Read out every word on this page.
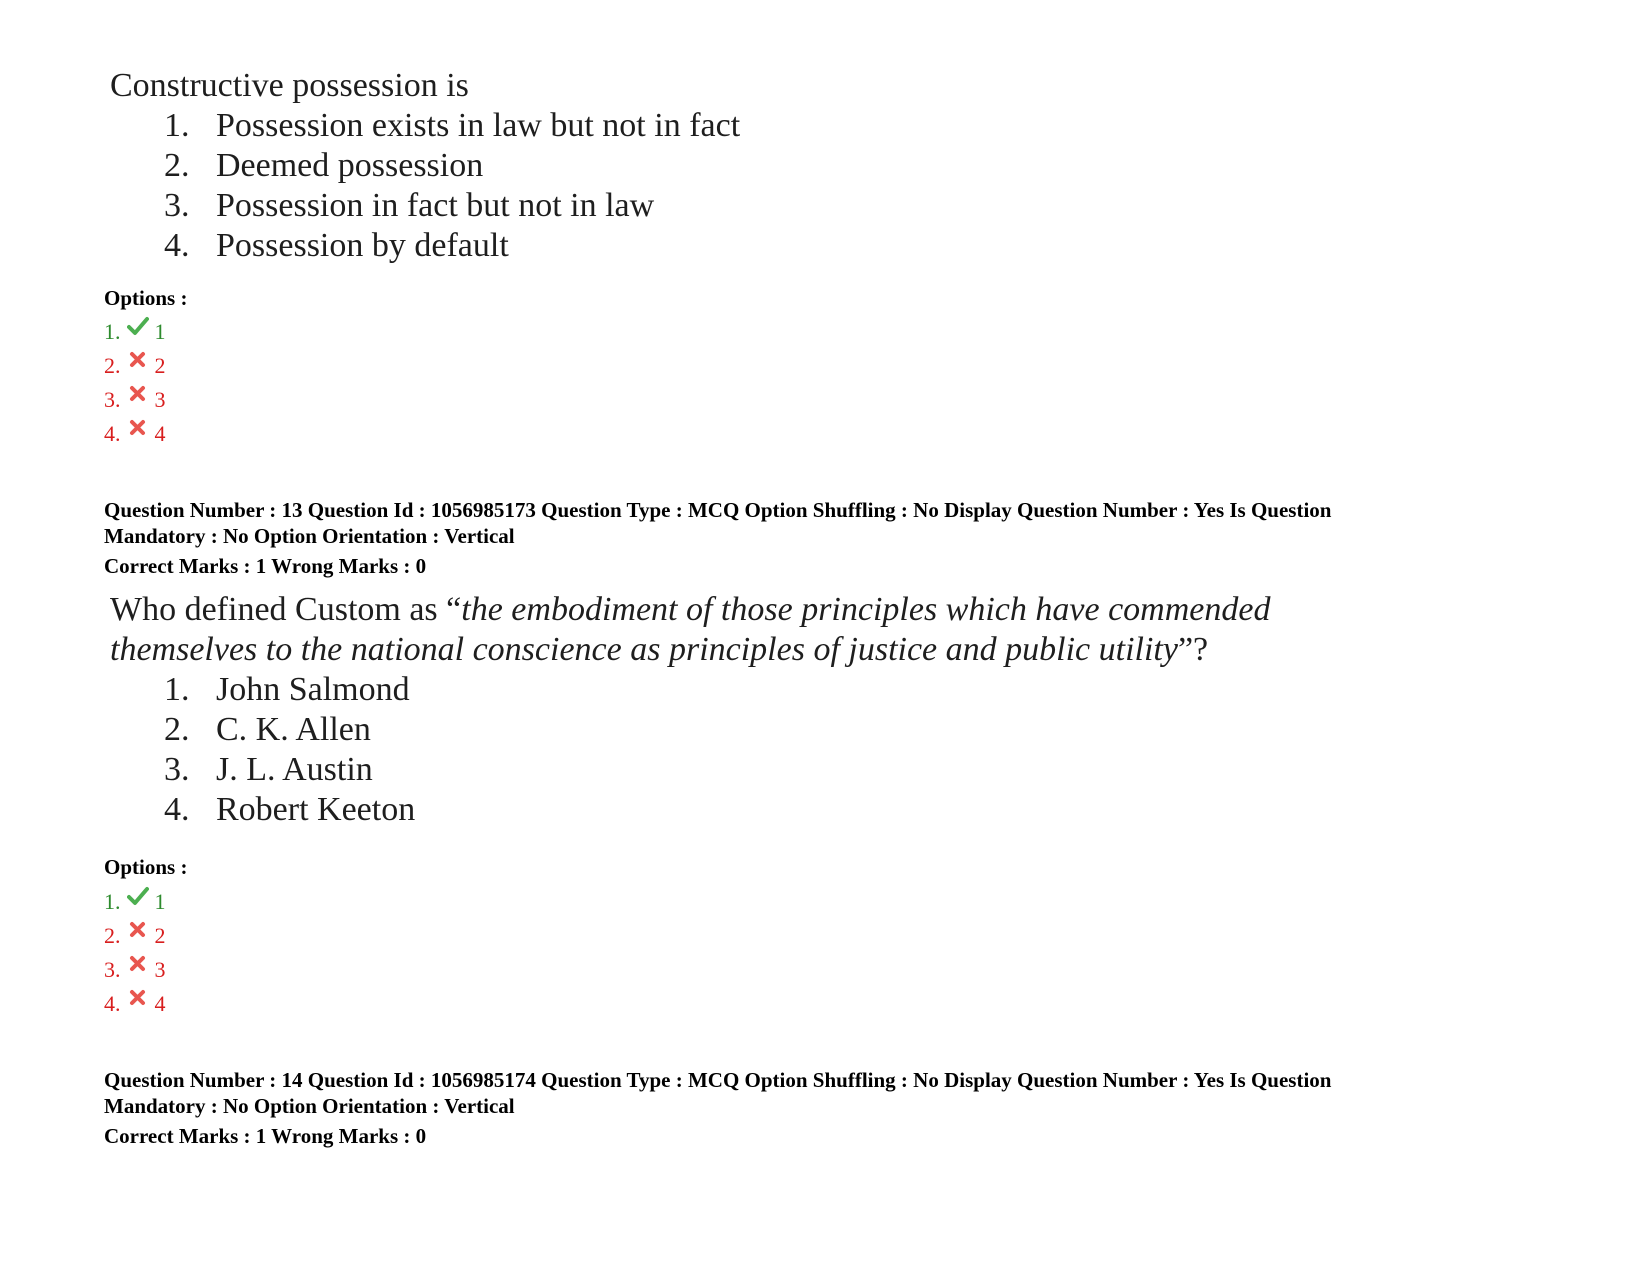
Constructive possession is
1. Possession exists in law but not in fact
2. Deemed possession
3. Possession in fact but not in law
4. Possession by default
Options :
1. 1
2. 2
3. 3
4. 4
Question Number : 13 Question Id : 1056985173 Question Type : MCQ Option Shuffling : No Display Question Number : Yes Is Question
Mandatory : No Option Orientation : Vertical
Correct Marks : 1 Wrong Marks : 0
Who defined Custom as “the embodiment of those principles which have commended
themselves to the national conscience as principles of justice and public utility”?
1. John Salmond
2. C. K. Allen
3. J. L. Austin
4. Robert Keeton
Options :
1. 1
2. 2
3. 3
4. 4
Question Number : 14 Question Id : 1056985174 Question Type : MCQ Option Shuffling : No Display Question Number : Yes Is Question
Mandatory : No Option Orientation : Vertical
Correct Marks : 1 Wrong Marks : 0
